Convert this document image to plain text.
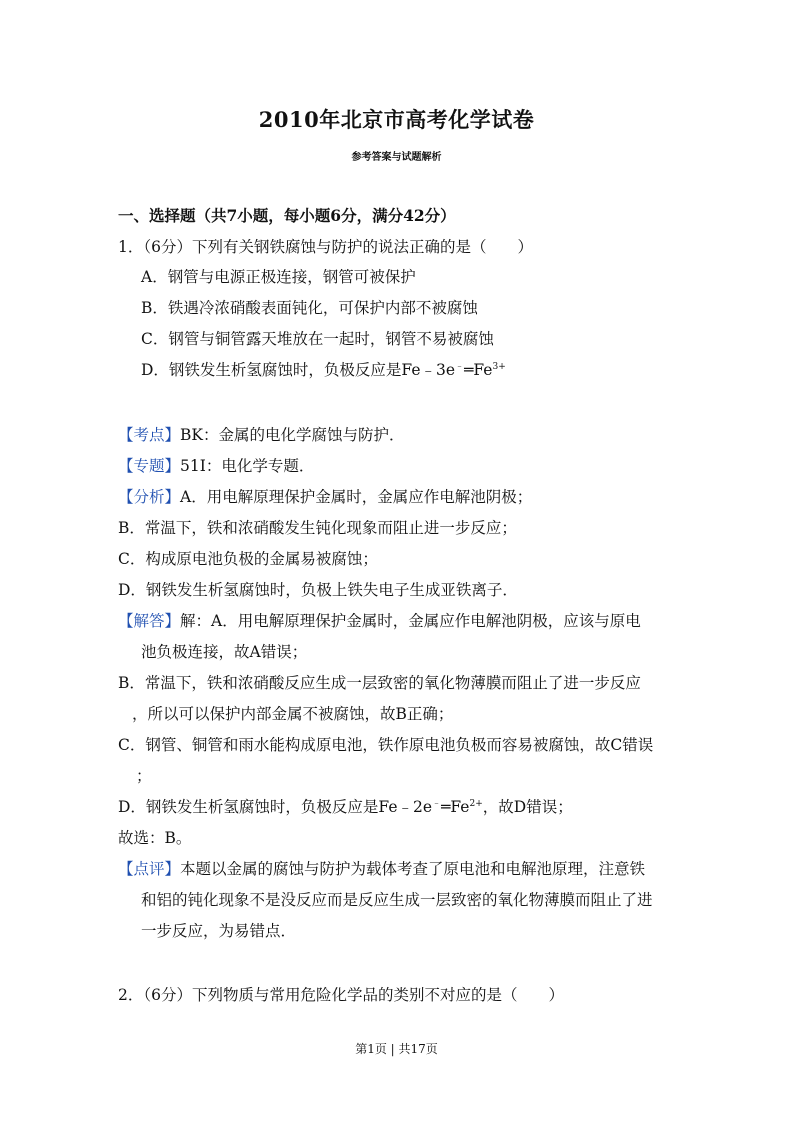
2010年北京市高考化学试卷
参考答案与试题解析
一、选择题（共7小题，每小题6分，满分42分）
1．（6分）下列有关钢铁腐蚀与防护的说法正确的是（　　）
A．钢管与电源正极连接，钢管可被保护
B．铁遇冷浓硝酸表面钝化，可保护内部不被腐蚀
C．钢管与铜管露天堆放在一起时，钢管不易被腐蚀
D．钢铁发生析氢腐蚀时，负极反应是$Fe﹣3e^﹣═Fe^{3+}$
【考点】BK：金属的电化学腐蚀与防护．
【专题】51I：电化学专题．
【分析】A．用电解原理保护金属时，金属应作电解池阴极；
B．常温下，铁和浓硝酸发生钝化现象而阻止进一步反应；
C．构成原电池负极的金属易被腐蚀；
D．钢铁发生析氢腐蚀时，负极上铁失电子生成亚铁离子．
【解答】解：A．用电解原理保护金属时，金属应作电解池阴极，应该与原电
池负极连接，故A错误；
B．常温下，铁和浓硝酸反应生成一层致密的氧化物薄膜而阻止了进一步反应
，所以可以保护内部金属不被腐蚀，故B正确；
C．钢管、铜管和雨水能构成原电池，铁作原电池负极而容易被腐蚀，故C错误
；
D．钢铁发生析氢腐蚀时，负极反应是$Fe﹣2e^﹣═Fe^{2+}$，故D错误；
故选：B。
【点评】本题以金属的腐蚀与防护为载体考查了原电池和电解池原理，注意铁
和铝的钝化现象不是没反应而是反应生成一层致密的氧化物薄膜而阻止了进
一步反应，为易错点．
2．（6分）下列物质与常用危险化学品的类别不对应的是（　　）
第1页 | 共17页
